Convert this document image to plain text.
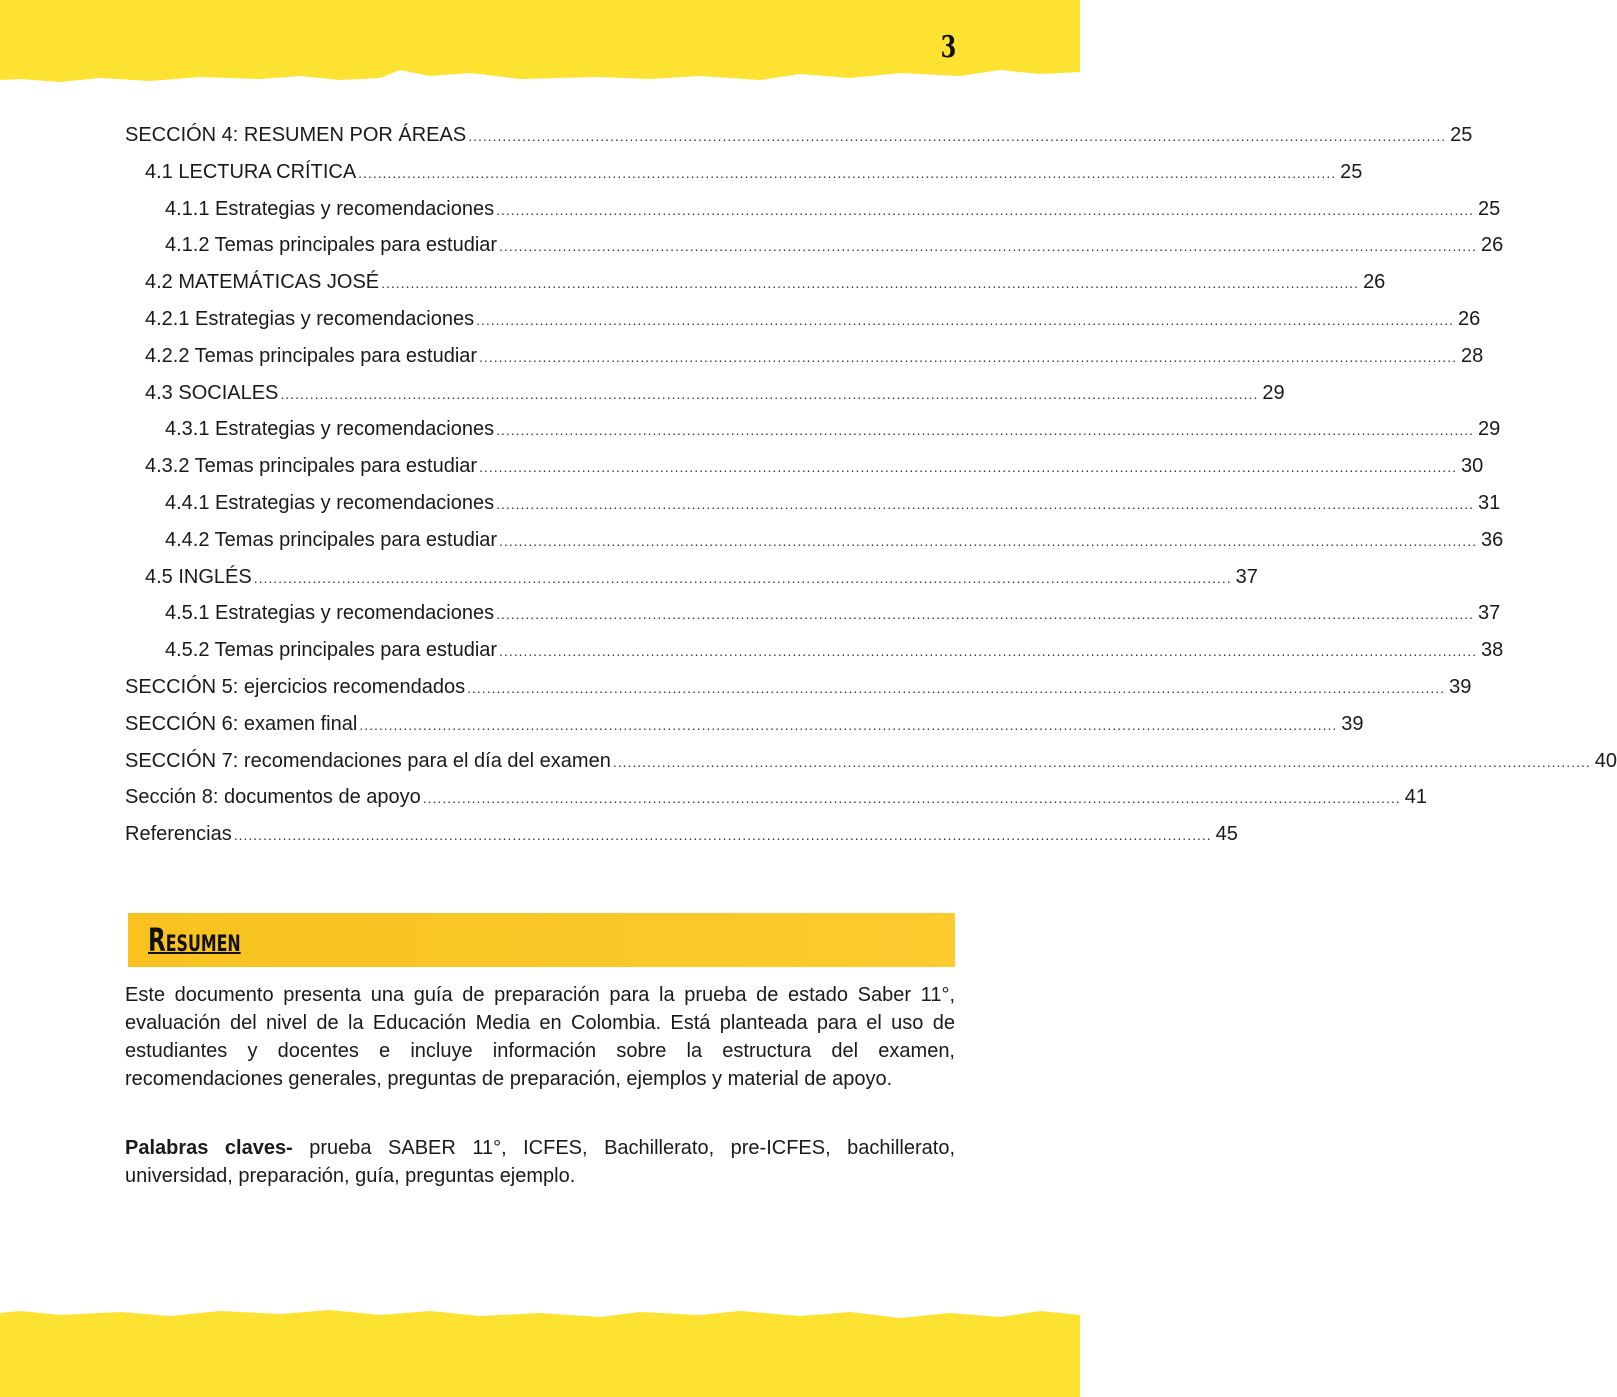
3
SECCIÓN 4: RESUMEN POR ÁREAS ........................................................................................................................................................................................................ 25
4.1 LECTURA CRÍTICA ........................................................................................................................................................................................................ 25
4.1.1 Estrategias y recomendaciones ........................................................................................................................................................................................................ 25
4.1.2 Temas principales para estudiar ........................................................................................................................................................................................................ 26
4.2 MATEMÁTICAS JOSÉ ........................................................................................................................................................................................................ 26
4.2.1 Estrategias y recomendaciones ........................................................................................................................................................................................................ 26
4.2.2 Temas principales para estudiar ........................................................................................................................................................................................................ 28
4.3 SOCIALES ........................................................................................................................................................................................................ 29
4.3.1 Estrategias y recomendaciones ........................................................................................................................................................................................................ 29
4.3.2 Temas principales para estudiar ........................................................................................................................................................................................................ 30
4.4.1 Estrategias y recomendaciones ........................................................................................................................................................................................................ 31
4.4.2 Temas principales para estudiar ........................................................................................................................................................................................................ 36
4.5 INGLÉS ........................................................................................................................................................................................................ 37
4.5.1 Estrategias y recomendaciones ........................................................................................................................................................................................................ 37
4.5.2 Temas principales para estudiar ........................................................................................................................................................................................................ 38
SECCIÓN 5: ejercicios recomendados ........................................................................................................................................................................................................ 39
SECCIÓN 6: examen final ........................................................................................................................................................................................................ 39
SECCIÓN 7: recomendaciones para el día del examen ........................................................................................................................................................................................................ 40
Sección 8: documentos de apoyo ........................................................................................................................................................................................................ 41
Referencias ........................................................................................................................................................................................................ 45
Resumen
Este documento presenta una guía de preparación para la prueba de estado Saber 11°, evaluación del nivel de la Educación Media en Colombia. Está planteada para el uso de estudiantes y docentes e incluye información sobre la estructura del examen, recomendaciones generales, preguntas de preparación, ejemplos y material de apoyo.
Palabras claves- prueba SABER 11°, ICFES, Bachillerato, pre-ICFES, bachillerato, universidad, preparación, guía, preguntas ejemplo.
